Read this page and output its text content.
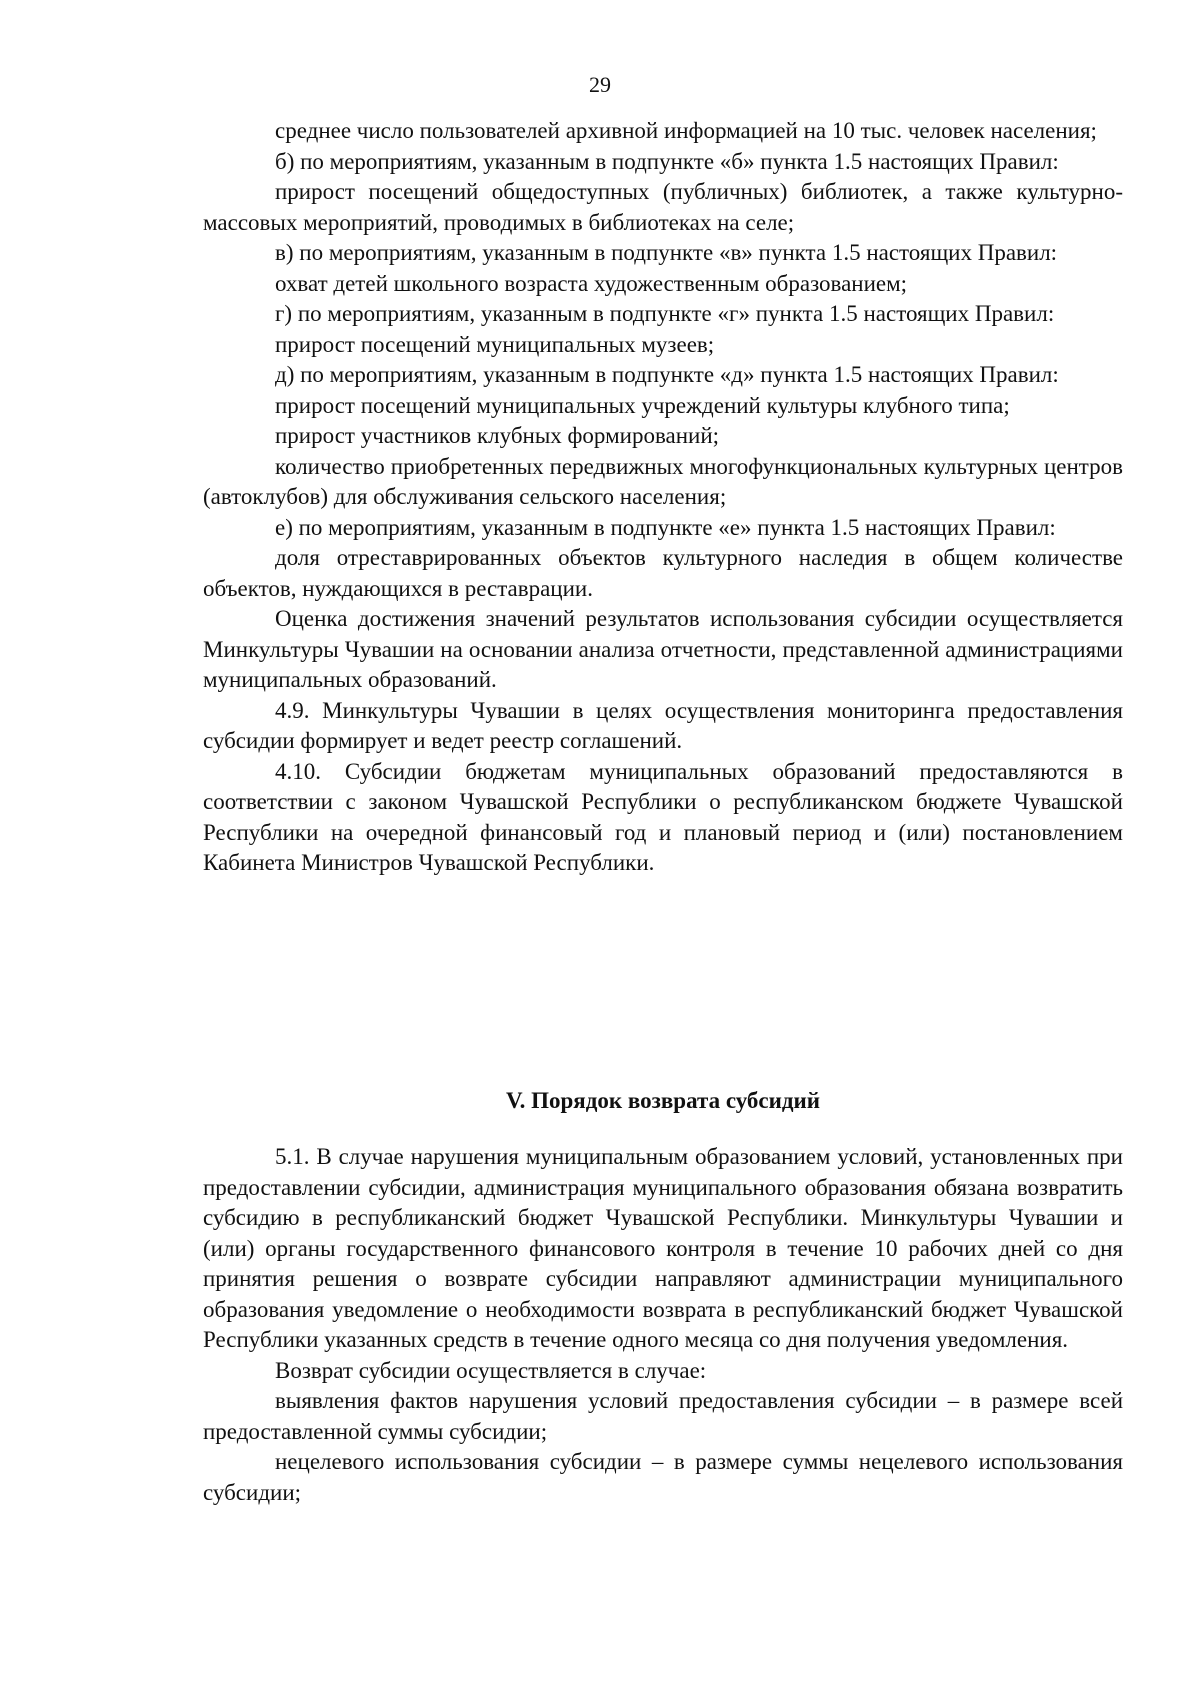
29

среднее число пользователей архивной информацией на 10 тыс. человек населения;

б) по мероприятиям, указанным в подпункте «б» пункта 1.5 настоящих Правил:

прирост посещений общедоступных (публичных) библиотек, а также культурно-массовых мероприятий, проводимых в библиотеках на селе;

в) по мероприятиям, указанным в подпункте «в» пункта 1.5 настоящих Правил:

охват детей школьного возраста художественным образованием;

г) по мероприятиям, указанным в подпункте «г» пункта 1.5 настоящих Правил:

прирост посещений муниципальных музеев;

д) по мероприятиям, указанным в подпункте «д» пункта 1.5 настоящих Правил:

прирост посещений муниципальных учреждений культуры клубного типа;

прирост участников клубных формирований;

количество приобретенных передвижных многофункциональных культурных центров (автоклубов) для обслуживания сельского населения;

е) по мероприятиям, указанным в подпункте «е» пункта 1.5 настоящих Правил:

доля отреставрированных объектов культурного наследия в общем количестве объектов, нуждающихся в реставрации.

Оценка достижения значений результатов использования субсидии осуществляется Минкультуры Чувашии на основании анализа отчетности, представленной администрациями муниципальных образований.

4.9. Минкультуры Чувашии в целях осуществления мониторинга предоставления субсидии формирует и ведет реестр соглашений.

4.10. Субсидии бюджетам муниципальных образований предоставляются в соответствии с законом Чувашской Республики о республиканском бюджете Чувашской Республики на очередной финансовый год и плановый период и (или) постановлением Кабинета Министров Чувашской Республики.

V. Порядок возврата субсидий

5.1. В случае нарушения муниципальным образованием условий, установленных при предоставлении субсидии, администрация муниципального образования обязана возвратить субсидию в республиканский бюджет Чувашской Республики. Минкультуры Чувашии и (или) органы государственного финансового контроля в течение 10 рабочих дней со дня принятия решения о возврате субсидии направляют администрации муниципального образования уведомление о необходимости возврата в республиканский бюджет Чувашской Республики указанных средств в течение одного месяца со дня получения уведомления.

Возврат субсидии осуществляется в случае:

выявления фактов нарушения условий предоставления субсидии – в размере всей предоставленной суммы субсидии;

нецелевого использования субсидии – в размере суммы нецелевого использования субсидии;
